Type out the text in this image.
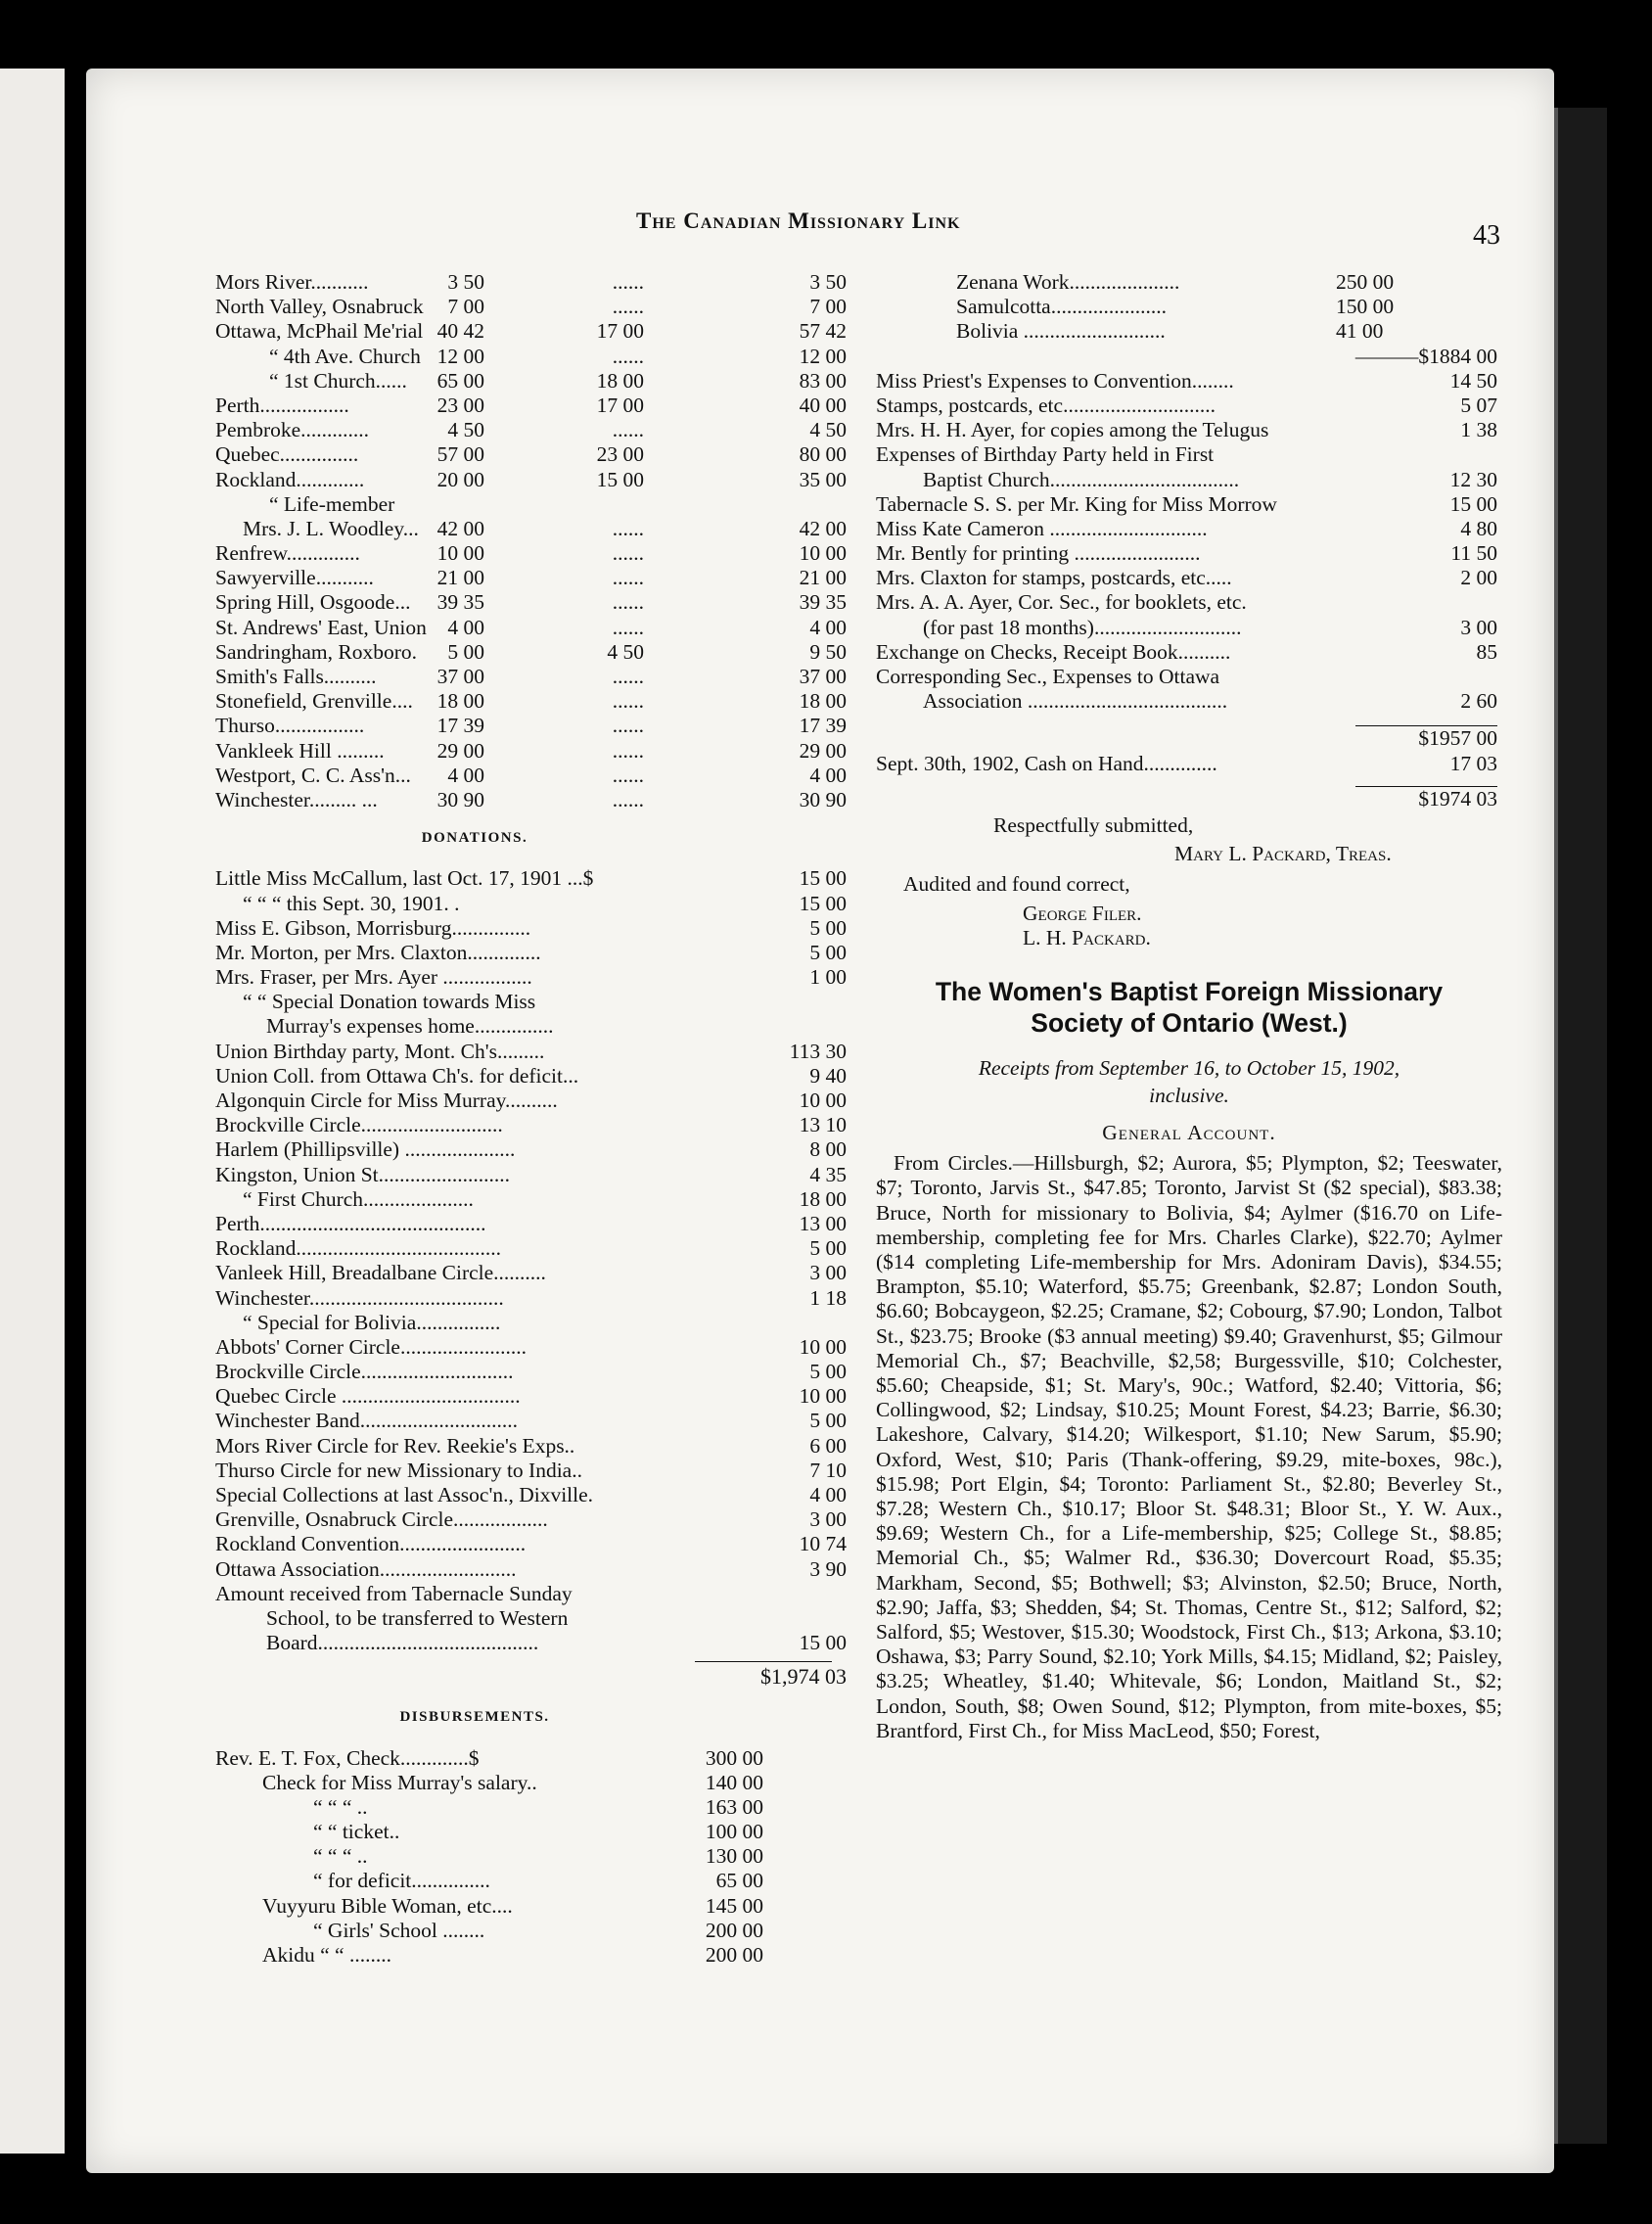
The Canadian Missionary Link	43
Mors River...........	3 50	......	3 50
North Valley, Osnabruck 7 00	......	7 00
Ottawa, McPhail Me'rial 40 42	17 00	57 42
“ 4th Ave. Church 12 00	......	12 00
“ 1st Church...... 65 00	18 00	83 00
Perth.................	23 00	17 00	40 00
Pembroke.............	4 50	......	4 50
Quebec...............	57 00	23 00	80 00
Rockland.............	20 00	15 00	35 00
“ Life-member
Mrs. J. L. Woodley... 42 00	......	42 00
Renfrew..............	10 00	......	10 00
Sawyerville...........	21 00	......	21 00
Spring Hill, Osgoode... 39 35	......	39 35
St. Andrews' East, Union 4 00	......	4 00
Sandringham, Roxboro. 5 00	4 50	9 50
Smith's Falls..........	37 00	......	37 00
Stonefield, Grenville.... 18 00	......	18 00
Thurso.................	17 39	......	17 39
Vankleek Hill .........	29 00	......	29 00
Westport, C. C. Ass'n... 4 00	......	4 00
Winchester......... ...	30 90	......	30 90
DONATIONS.
Little Miss McCallum, last Oct. 17, 1901 ...$	15 00
“ “ “ this Sept. 30, 1901. .	15 00
Miss E. Gibson, Morrisburg...............	5 00
Mr. Morton, per Mrs. Claxton..............	5 00
Mrs. Fraser, per Mrs. Ayer .................	1 00
“ “ Special Donation towards Miss
Murray's expenses home...............
Union Birthday party, Mont. Ch's.........	113 30
Union Coll. from Ottawa Ch's. for deficit...	9 40
Algonquin Circle for Miss Murray..........	10 00
Brockville Circle...........................	13 10
Harlem (Phillipsville) .....................	8 00
Kingston, Union St.........................	4 35
“ First Church.....................	18 00
Perth...........................................	13 00
Rockland.......................................	5 00
Vanleek Hill, Breadalbane Circle..........	3 00
Winchester.....................................	1 18
“ Special for Bolivia................
Abbots' Corner Circle........................	10 00
Brockville Circle.............................	5 00
Quebec Circle ..................................	10 00
Winchester Band..............................	5 00
Mors River Circle for Rev. Reekie's Exps..	6 00
Thurso Circle for new Missionary to India..	7 10
Special Collections at last Assoc'n., Dixville.	4 00
Grenville, Osnabruck Circle..................	3 00
Rockland Convention........................	10 74
Ottawa Association..........................	3 90
Amount received from Tabernacle Sunday
School, to be transferred to Western
Board..........................................	15 00
$1,974 03
DISBURSEMENTS.
Rev. E. T. Fox, Check.............$	300 00
Check for Miss Murray's salary..	140 00
“ “ “ ..	163 00
“ “ ticket..	100 00
“ “ “ ..	130 00
“ for deficit...............	65 00
Vuyyuru Bible Woman, etc....	145 00
“ Girls' School ........	200 00
Akidu “ “ ........	200 00
Zenana Work.....................	250 00
Samulcotta......................	150 00
Bolivia ...........................	41 00
———$1884 00
Miss Priest's Expenses to Convention........	14 50
Stamps, postcards, etc.............................	5 07
Mrs. H. H. Ayer, for copies among the Telugus	1 38
Expenses of Birthday Party held in First
Baptist Church....................................	12 30
Tabernacle S. S. per Mr. King for Miss Morrow	15 00
Miss Kate Cameron ..............................	4 80
Mr. Bently for printing ........................	11 50
Mrs. Claxton for stamps, postcards, etc.....	2 00
Mrs. A. A. Ayer, Cor. Sec., for booklets, etc.
(for past 18 months)............................	3 00
Exchange on Checks, Receipt Book..........	85
Corresponding Sec., Expenses to Ottawa
Association ......................................	2 60
$1957 00
Sept. 30th, 1902, Cash on Hand..............	17 03
$1974 03
Respectfully submitted,
Mary L. Packard, Treas.
Audited and found correct,
George Filer.
L. H. Packard.
The Women's Baptist Foreign Missionary
Society of Ontario (West.)
Receipts from September 16, to October 15, 1902,
inclusive.
General Account.
From Circles.—Hillsburgh, $2; Aurora, $5; Plympton, $2; Teeswater, $7; Toronto, Jarvis St., $47.85; Toronto, Jarvist St ($2 special), $83.38; Bruce, North for missionary to Bolivia, $4; Aylmer ($16.70 on Life-membership, completing fee for Mrs. Charles Clarke), $22.70; Aylmer ($14 completing Life-membership for Mrs. Adoniram Davis), $34.55; Brampton, $5.10; Waterford, $5.75; Greenbank, $2.87; London South, $6.60; Bobcaygeon, $2.25; Cramane, $2; Cobourg, $7.90; London, Talbot St., $23.75; Brooke ($3 annual meeting) $9.40; Gravenhurst, $5; Gilmour Memorial Ch., $7; Beachville, $2,58; Burgessville, $10; Colchester, $5.60; Cheapside, $1; St. Mary's, 90c.; Watford, $2.40; Vittoria, $6; Collingwood, $2; Lindsay, $10.25; Mount Forest, $4.23; Barrie, $6.30; Lakeshore, Calvary, $14.20; Wilkesport, $1.10; New Sarum, $5.90; Oxford, West, $10; Paris (Thank-offering, $9.29, mite-boxes, 98c.), $15.98; Port Elgin, $4; Toronto: Parliament St., $2.80; Beverley St., $7.28; Western Ch., $10.17; Bloor St. $48.31; Bloor St., Y. W. Aux., $9.69; Western Ch., for a Life-membership, $25; College St., $8.85; Memorial Ch., $5; Walmer Rd., $36.30; Dovercourt Road, $5.35; Markham, Second, $5; Bothwell; $3; Alvinston, $2.50; Bruce, North, $2.90; Jaffa, $3; Shedden, $4; St. Thomas, Centre St., $12; Salford, $2; Salford, $5; Westover, $15.30; Woodstock, First Ch., $13; Arkona, $3.10; Oshawa, $3; Parry Sound, $2.10; York Mills, $4.15; Midland, $2; Paisley, $3.25; Wheatley, $1.40; Whitevale, $6; London, Maitland St., $2; London, South, $8; Owen Sound, $12; Plympton, from mite-boxes, $5; Brantford, First Ch., for Miss MacLeod, $50; Forest,
